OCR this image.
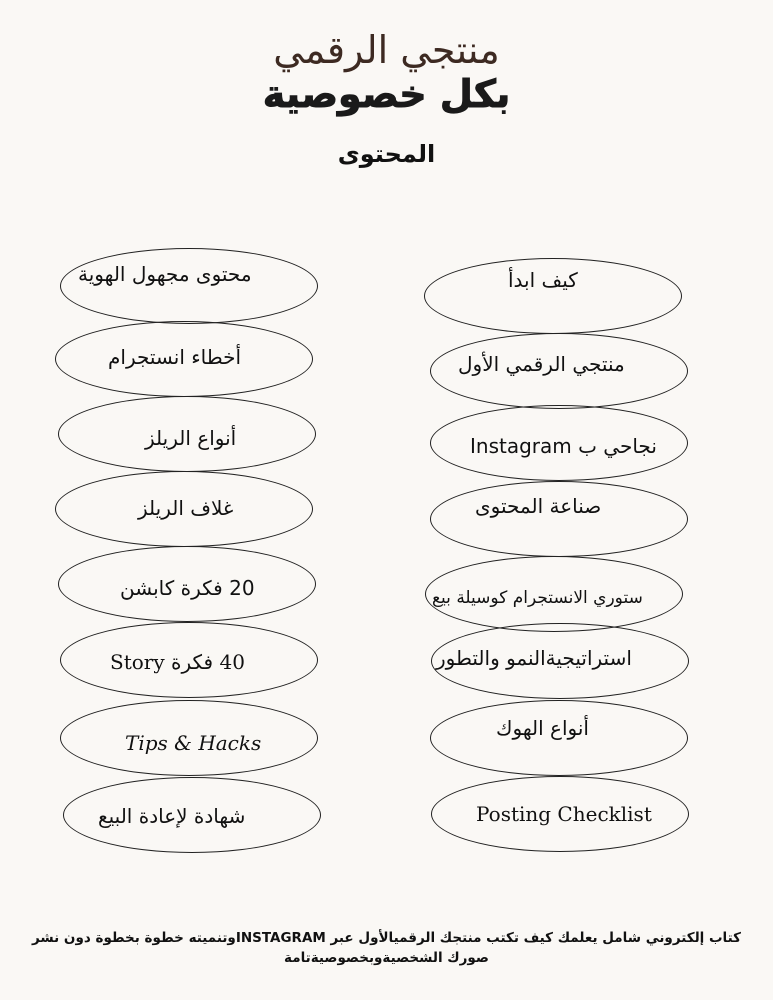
منتجي الرقمي
بكل خصوصية
المحتوى
محتوى مجهول الهوية
أخطاء انستجرام
أنواع الريلز
غلاف الريلز
20 فكرة كابشن
40 فكرة Story
Tips & Hacks
شهادة لإعادة البيع
كيف ابدأ
منتجي الرقمي الأول
نجاحي ب Instagram
صناعة المحتوى
ستوري الانستجرام كوسيلة بيع
استراتيجيةالنمو والتطور
أنواع الهوك
Posting Checklist
كتاب إلكتروني شامل يعلمك كيف تكتب منتجك الرقميالأول عبر INSTAGRAMوتنميته خطوة بخطوة دون نشر
صورك الشخصيةوبخصوصيةتامة
